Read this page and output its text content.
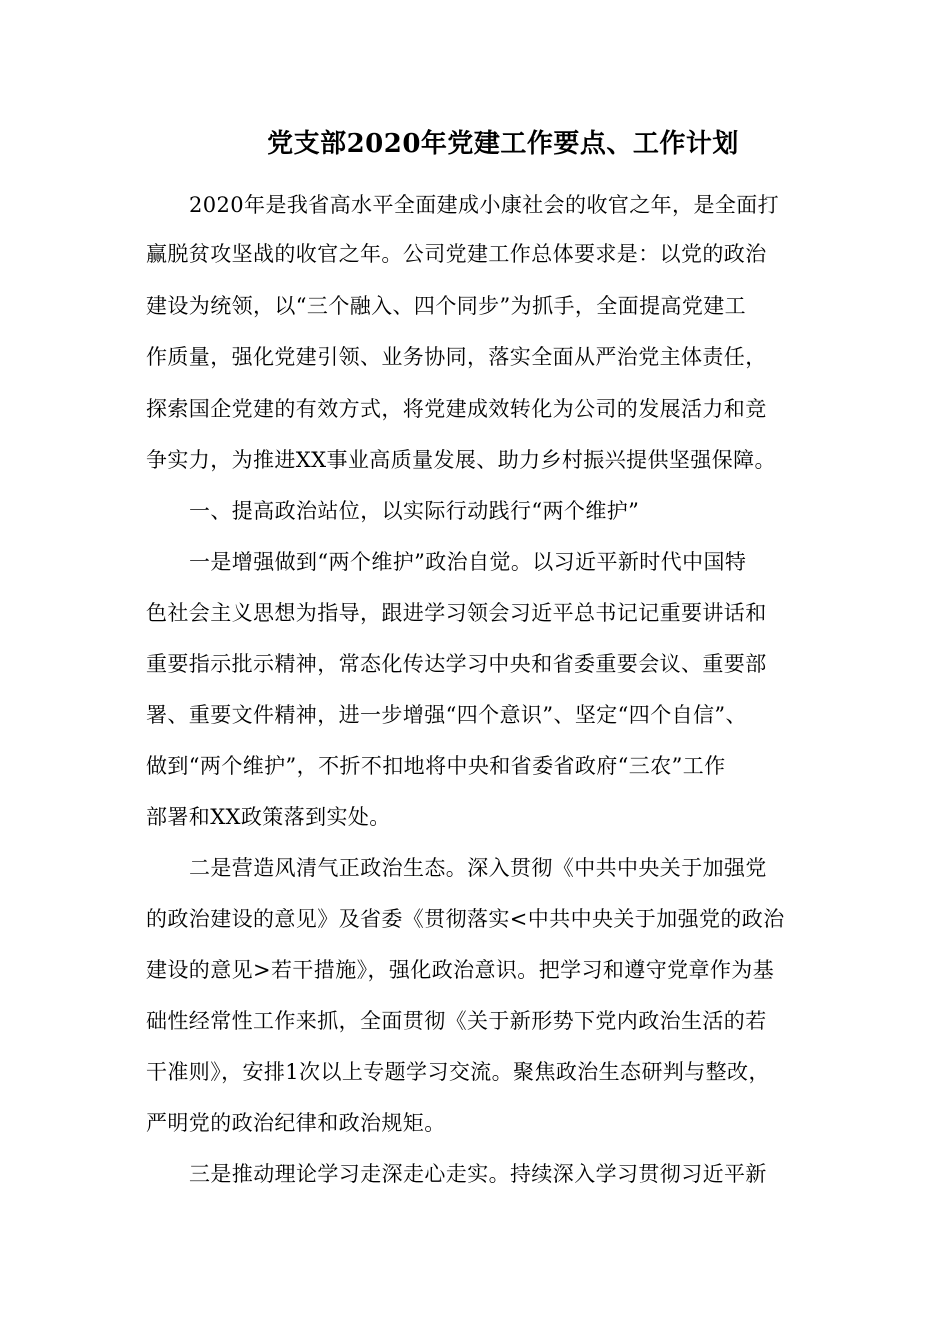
党支部2020年党建工作要点、工作计划
2020年是我省高水平全面建成小康社会的收官之年，是全面打
赢脱贫攻坚战的收官之年。公司党建工作总体要求是：以党的政治
建设为统领，以“三个融入、四个同步”为抓手，全面提高党建工
作质量，强化党建引领、业务协同，落实全面从严治党主体责任，
探索国企党建的有效方式，将党建成效转化为公司的发展活力和竞
争实力，为推进XX事业高质量发展、助力乡村振兴提供坚强保障。
一、提高政治站位，以实际行动践行“两个维护”
一是增强做到“两个维护”政治自觉。以习近平新时代中国特
色社会主义思想为指导，跟进学习领会习近平总书记记重要讲话和
重要指示批示精神，常态化传达学习中央和省委重要会议、重要部
署、重要文件精神，进一步增强“四个意识”、坚定“四个自信”、
做到“两个维护”，不折不扣地将中央和省委省政府“三农”工作
部署和XX政策落到实处。
二是营造风清气正政治生态。深入贯彻《中共中央关于加强党
的政治建设的意见》及省委《贯彻落实<中共中央关于加强党的政治
建设的意见>若干措施》，强化政治意识。把学习和遵守党章作为基
础性经常性工作来抓，全面贯彻《关于新形势下党内政治生活的若
干准则》，安排1次以上专题学习交流。聚焦政治生态研判与整改，
严明党的政治纪律和政治规矩。
三是推动理论学习走深走心走实。持续深入学习贯彻习近平新
